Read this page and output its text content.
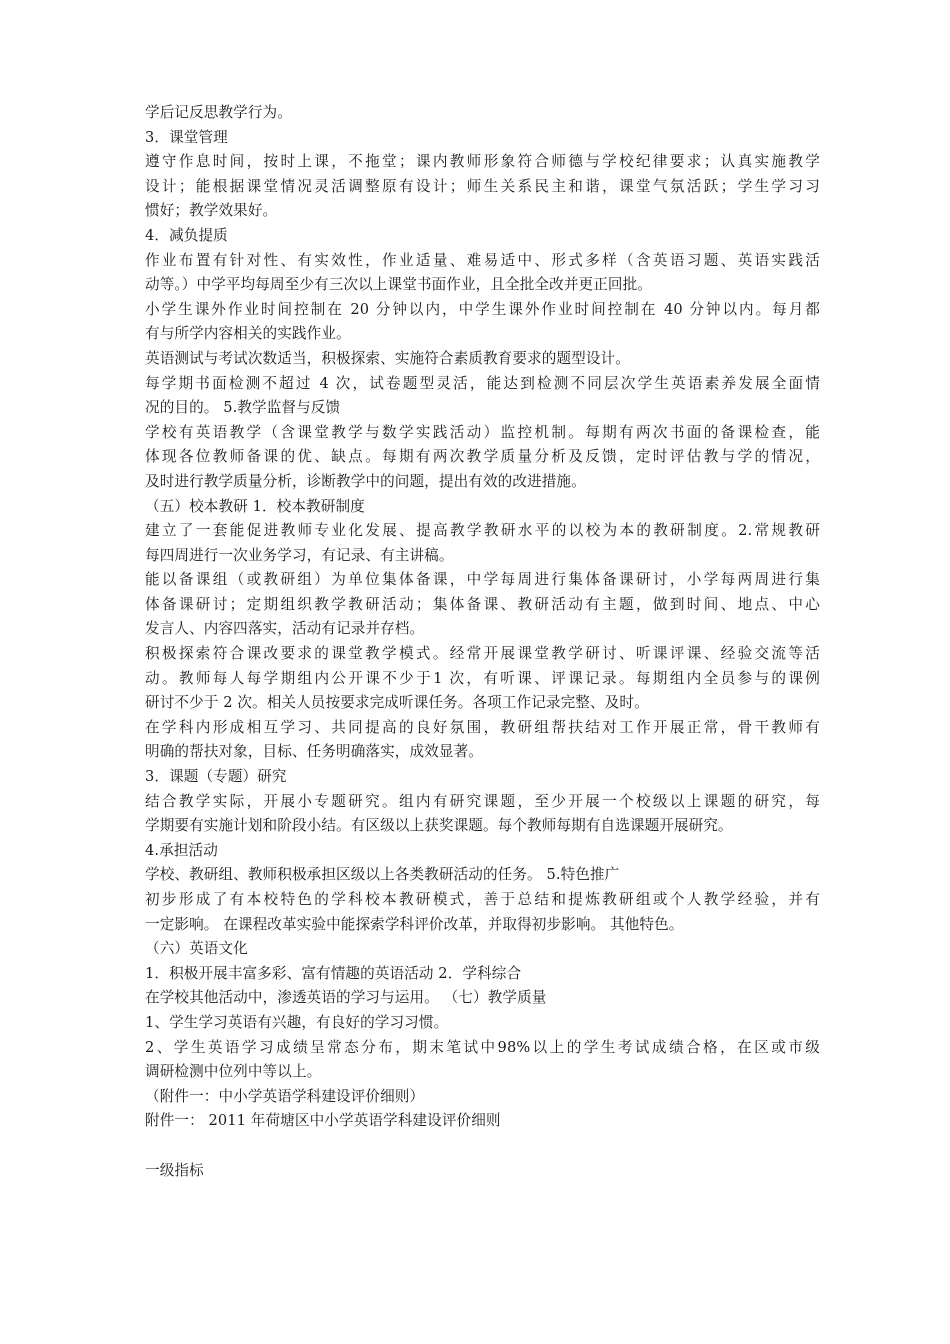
学后记反思教学行为。

3．课堂管理

遵守作息时间，按时上课，不拖堂；课内教师形象符合师德与学校纪律要求；认真实施教学

设计；能根据课堂情况灵活调整原有设计；师生关系民主和谐，课堂气氛活跃；学生学习习

惯好；教学效果好。

4．减负提质

作业布置有针对性、有实效性，作业适量、难易适中、形式多样（含英语习题、英语实践活

动等。）中学平均每周至少有三次以上课堂书面作业，且全批全改并更正回批。

小学生课外作业时间控制在 20 分钟以内，中学生课外作业时间控制在 40 分钟以内。每月都

有与所学内容相关的实践作业。

英语测试与考试次数适当，积极探索、实施符合素质教育要求的题型设计。

每学期书面检测不超过 4 次，试卷题型灵活，能达到检测不同层次学生英语素养发展全面情

况的目的。 5.教学监督与反馈

学校有英语教学（含课堂教学与数学实践活动）监控机制。每期有两次书面的备课检查，能

体现各位教师备课的优、缺点。每期有两次教学质量分析及反馈，定时评估教与学的情况，

及时进行教学质量分析，诊断教学中的问题，提出有效的改进措施。

（五）校本教研 1．校本教研制度

建立了一套能促进教师专业化发展、提高教学教研水平的以校为本的教研制度。2.常规教研

每四周进行一次业务学习，有记录、有主讲稿。

能以备课组（或教研组）为单位集体备课，中学每周进行集体备课研讨，小学每两周进行集

体备课研讨；定期组织教学教研活动；集体备课、教研活动有主题，做到时间、地点、中心

发言人、内容四落实，活动有记录并存档。

积极探索符合课改要求的课堂教学模式。经常开展课堂教学研讨、听课评课、经验交流等活

动。教师每人每学期组内公开课不少于1 次，有听课、评课记录。每期组内全员参与的课例

研讨不少于 2 次。相关人员按要求完成听课任务。各项工作记录完整、及时。

在学科内形成相互学习、共同提高的良好氛围，教研组帮扶结对工作开展正常，骨干教师有

明确的帮扶对象，目标、任务明确落实，成效显著。

3．课题（专题）研究

结合教学实际，开展小专题研究。组内有研究课题，至少开展一个校级以上课题的研究，每

学期要有实施计划和阶段小结。有区级以上获奖课题。每个教师每期有自选课题开展研究。

4.承担活动

学校、教研组、教师积极承担区级以上各类教研活动的任务。 5.特色推广

初步形成了有本校特色的学科校本教研模式，善于总结和提炼教研组或个人教学经验，并有

一定影响。 在课程改革实验中能探索学科评价改革，并取得初步影响。 其他特色。

（六）英语文化

1．积极开展丰富多彩、富有情趣的英语活动 2．学科综合

在学校其他活动中，渗透英语的学习与运用。 （七）教学质量

1、学生学习英语有兴趣，有良好的学习习惯。

2、学生英语学习成绩呈常态分布，期末笔试中98%以上的学生考试成绩合格，在区或市级

调研检测中位列中等以上。

（附件一：中小学英语学科建设评价细则）

附件一： 2011 年荷塘区中小学英语学科建设评价细则

一级指标
